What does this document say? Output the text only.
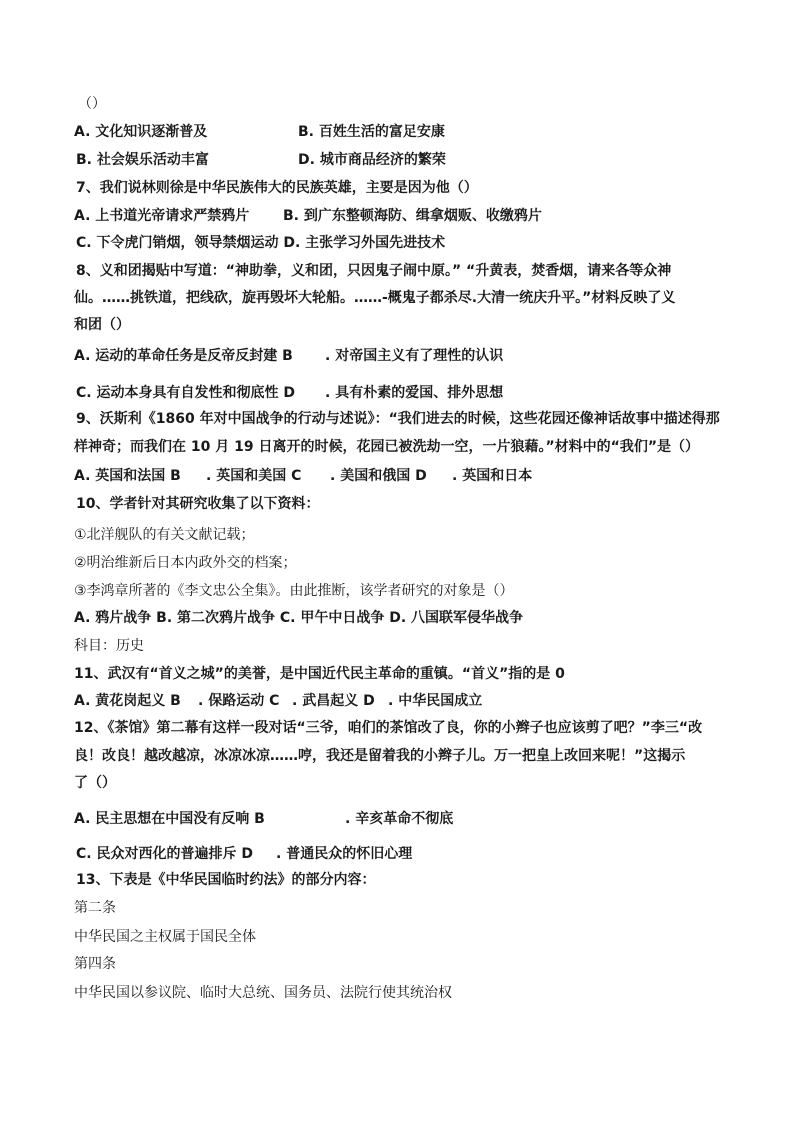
（）
A. 文化知识逐渐普及	B. 百姓生活的富足安康
B. 社会娱乐活动丰富	D. 城市商品经济的繁荣
7、我们说林则徐是中华民族伟大的民族英雄，主要是因为他（）
A. 上书道光帝请求严禁鸦片 B. 到广东整顿海防、缉拿烟贩、收缴鸦片
C. 下令虎门销烟，领导禁烟运动 D. 主张学习外国先进技术
8、义和团揭贴中写道：“神助拳，义和团，只因鬼子闹中原。” “升黄表，焚香烟，请来各等众神
仙。……挑铁道，把线砍，旋再毁坏大轮船。……-概鬼子都杀尽.大清一统庆升平。”材料反映了义
和团（）
A. 运动的革命任务是反帝反封建 B . 对帝国主义有了理性的认识
C. 运动本身具有自发性和彻底性 D . 具有朴素的爱国、排外思想
9、沃斯利《1860 年对中国战争的行动与述说》：“我们进去的时候，这些花园还像神话故事中描述得那
样神奇；而我们在 10 月 19 日离开的时候，花园已被洗劫一空，一片狼藉。”材料中的“我们”是（）
A. 英国和法国 B . 英国和美国 C . 美国和俄国 D . 英国和日本
10、学者针对其研究收集了以下资料：
①北洋舰队的有关文献记载；
②明治维新后日本内政外交的档案；
③李鸿章所著的《李文忠公全集》。由此推断，该学者研究的对象是（）
A. 鸦片战争 B. 第二次鸦片战争 C. 甲午中日战争 D. 八国联军侵华战争
科目：历史
11、武汉有“首义之城”的美誉，是中国近代民主革命的重镇。“首义”指的是 0
A. 黄花岗起义 B . 保路运动 C . 武昌起义 D . 中华民国成立
12、《茶馆》第二幕有这样一段对话“三爷，咱们的茶馆改了良，你的小辫子也应该剪了吧？”李三“改
良！改良！越改越凉，冰凉冰凉……哼，我还是留着我的小辫子儿。万一把皇上改回来呢！”这揭示
了（）
A. 民主思想在中国没有反响 B	. 辛亥革命不彻底
C. 民众对西化的普遍排斥 D . 普通民众的怀旧心理
13、下表是《中华民国临时约法》的部分内容：
第二条
中华民国之主权属于国民全体
第四条
中华民国以参议院、临时大总统、国务员、法院行使其统治权
